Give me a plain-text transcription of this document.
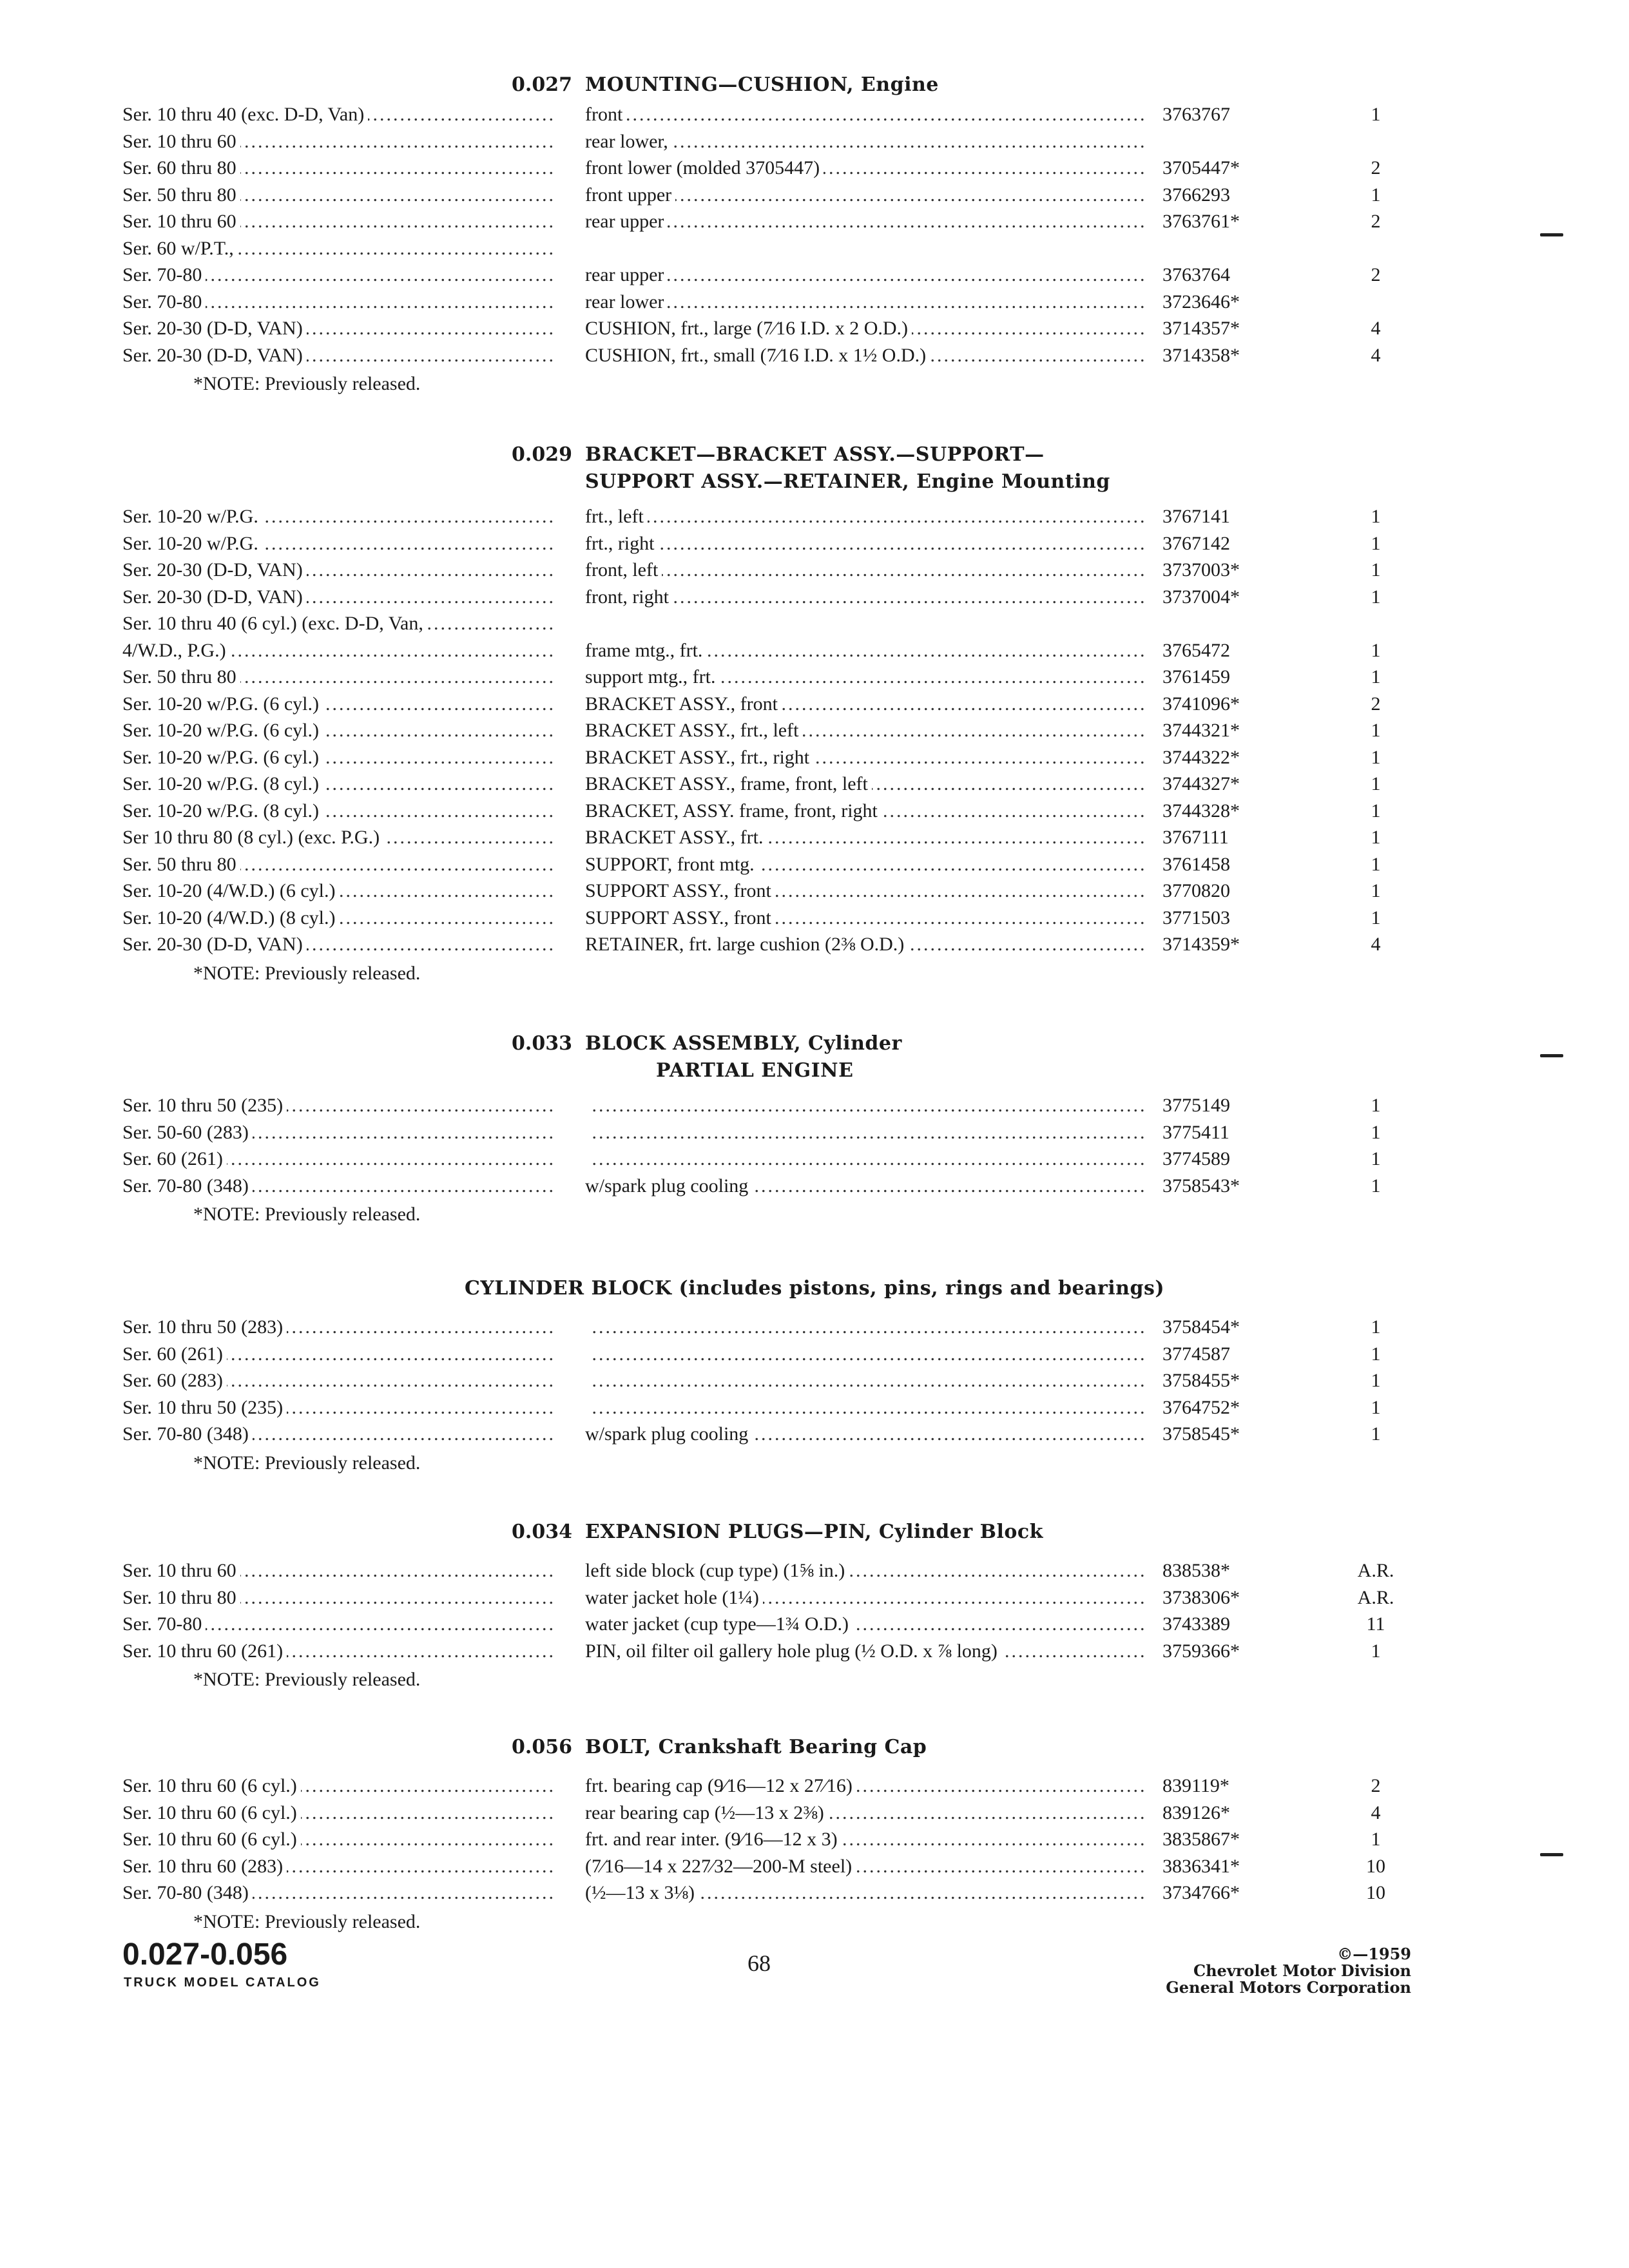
0.027 MOUNTING—CUSHION, Engine
Ser. 10 thru 40 (exc. D-D, Van) .....	front .....	3763767	1
Ser. 10 thru 60 .....	rear lower, .....
Ser. 60 thru 80 .....	front lower (molded 3705447) .....	3705447*	2
Ser. 50 thru 80 .....	front upper .....	3766293	1
Ser. 10 thru 60 .....	rear upper .....	3763761*	2
Ser. 60 w/P.T., .....
Ser. 70-80 .....	rear upper .....	3763764	2
Ser. 70-80 .....	rear lower .....	3723646*
Ser. 20-30 (D-D, VAN) .....	CUSHION, frt., large (7⁄16 I.D. x 2 O.D.) .....	3714357*	4
Ser. 20-30 (D-D, VAN) .....	CUSHION, frt., small (7⁄16 I.D. x 1½ O.D.) .....	3714358*	4
*NOTE: Previously released.
0.029 BRACKET—BRACKET ASSY.—SUPPORT—
SUPPORT ASSY.—RETAINER, Engine Mounting
Ser. 10-20 w/P.G. .....	frt., left .....	3767141	1
Ser. 10-20 w/P.G. .....	frt., right .....	3767142	1
Ser. 20-30 (D-D, VAN) .....	front, left .....	3737003*	1
Ser. 20-30 (D-D, VAN) .....	front, right .....	3737004*	1
Ser. 10 thru 40 (6 cyl.) (exc. D-D, Van, .....
4/W.D., P.G.) .....	frame mtg., frt. .....	3765472	1
Ser. 50 thru 80 .....	support mtg., frt. .....	3761459	1
Ser. 10-20 w/P.G. (6 cyl.) .....	BRACKET ASSY., front .....	3741096*	2
Ser. 10-20 w/P.G. (6 cyl.) .....	BRACKET ASSY., frt., left .....	3744321*	1
Ser. 10-20 w/P.G. (6 cyl.) .....	BRACKET ASSY., frt., right .....	3744322*	1
Ser. 10-20 w/P.G. (8 cyl.) .....	BRACKET ASSY., frame, front, left .....	3744327*	1
Ser. 10-20 w/P.G. (8 cyl.) .....	BRACKET, ASSY. frame, front, right .....	3744328*	1
Ser 10 thru 80 (8 cyl.) (exc. P.G.) .....	BRACKET ASSY., frt. .....	3767111	1
Ser. 50 thru 80 .....	SUPPORT, front mtg. .....	3761458	1
Ser. 10-20 (4/W.D.) (6 cyl.) .....	SUPPORT ASSY., front .....	3770820	1
Ser. 10-20 (4/W.D.) (8 cyl.) .....	SUPPORT ASSY., front .....	3771503	1
Ser. 20-30 (D-D, VAN) .....	RETAINER, frt. large cushion (2⅜ O.D.) .....	3714359*	4
*NOTE: Previously released.
0.033 BLOCK ASSEMBLY, Cylinder
PARTIAL ENGINE
Ser. 10 thru 50 (235) ..... .....	3775149	1
Ser. 50-60 (283) ..... .....	3775411	1
Ser. 60 (261) ..... .....	3774589	1
Ser. 70-80 (348) .....	w/spark plug cooling .....	3758543*	1
*NOTE: Previously released.
CYLINDER BLOCK (includes pistons, pins, rings and bearings)
Ser. 10 thru 50 (283) ..... .....	3758454*	1
Ser. 60 (261) ..... .....	3774587	1
Ser. 60 (283) ..... .....	3758455*	1
Ser. 10 thru 50 (235) ..... .....	3764752*	1
Ser. 70-80 (348) .....	w/spark plug cooling .....	3758545*	1
*NOTE: Previously released.
0.034 EXPANSION PLUGS—PIN, Cylinder Block
Ser. 10 thru 60 .....	left side block (cup type) (1⅝ in.) .....	838538*	A.R.
Ser. 10 thru 80 .....	water jacket hole (1¼) .....	3738306*	A.R.
Ser. 70-80 .....	water jacket (cup type—1¾ O.D.) .....	3743389	11
Ser. 10 thru 60 (261) .....	PIN, oil filter oil gallery hole plug (½ O.D. x ⅞ long) .....	3759366*	1
*NOTE: Previously released.
0.056 BOLT, Crankshaft Bearing Cap
Ser. 10 thru 60 (6 cyl.) .....	frt. bearing cap (9⁄16—12 x 27⁄16) .....	839119*	2
Ser. 10 thru 60 (6 cyl.) .....	rear bearing cap (½—13 x 2⅜) .....	839126*	4
Ser. 10 thru 60 (6 cyl.) .....	frt. and rear inter. (9⁄16—12 x 3) .....	3835867*	1
Ser. 10 thru 60 (283) .....	(7⁄16—14 x 227⁄32—200-M steel) .....	3836341*	10
Ser. 70-80 (348) .....	(½—13 x 3⅛) .....	3734766*	10
*NOTE: Previously released.
0.027-0.056
TRUCK MODEL CATALOG
68	©—1959
Chevrolet Motor Division
General Motors Corporation
